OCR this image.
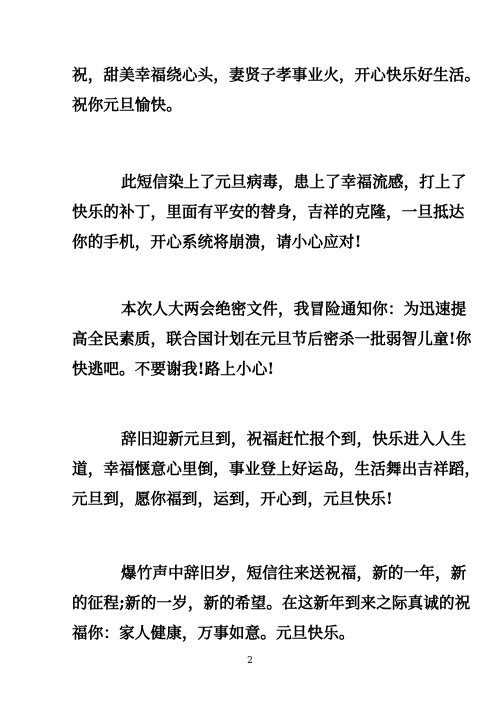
祝，甜美幸福绕心头，妻贤子孝事业火，开心快乐好生活。
祝你元旦愉快。

此短信染上了元旦病毒，患上了幸福流感，打上了
快乐的补丁，里面有平安的替身，吉祥的克隆，一旦抵达
你的手机，开心系统将崩溃，请小心应对!

本次人大两会绝密文件，我冒险通知你：为迅速提
高全民素质，联合国计划在元旦节后密杀一批弱智儿童!你
快逃吧。不要谢我!路上小心!

辞旧迎新元旦到，祝福赶忙报个到，快乐进入人生
道，幸福惬意心里倒，事业登上好运岛，生活舞出吉祥蹈，
元旦到，愿你福到，运到，开心到，元旦快乐!

爆竹声中辞旧岁，短信往来送祝福，新的一年，新
的征程;新的一岁，新的希望。在这新年到来之际真诚的祝
福你：家人健康，万事如意。元旦快乐。

2
